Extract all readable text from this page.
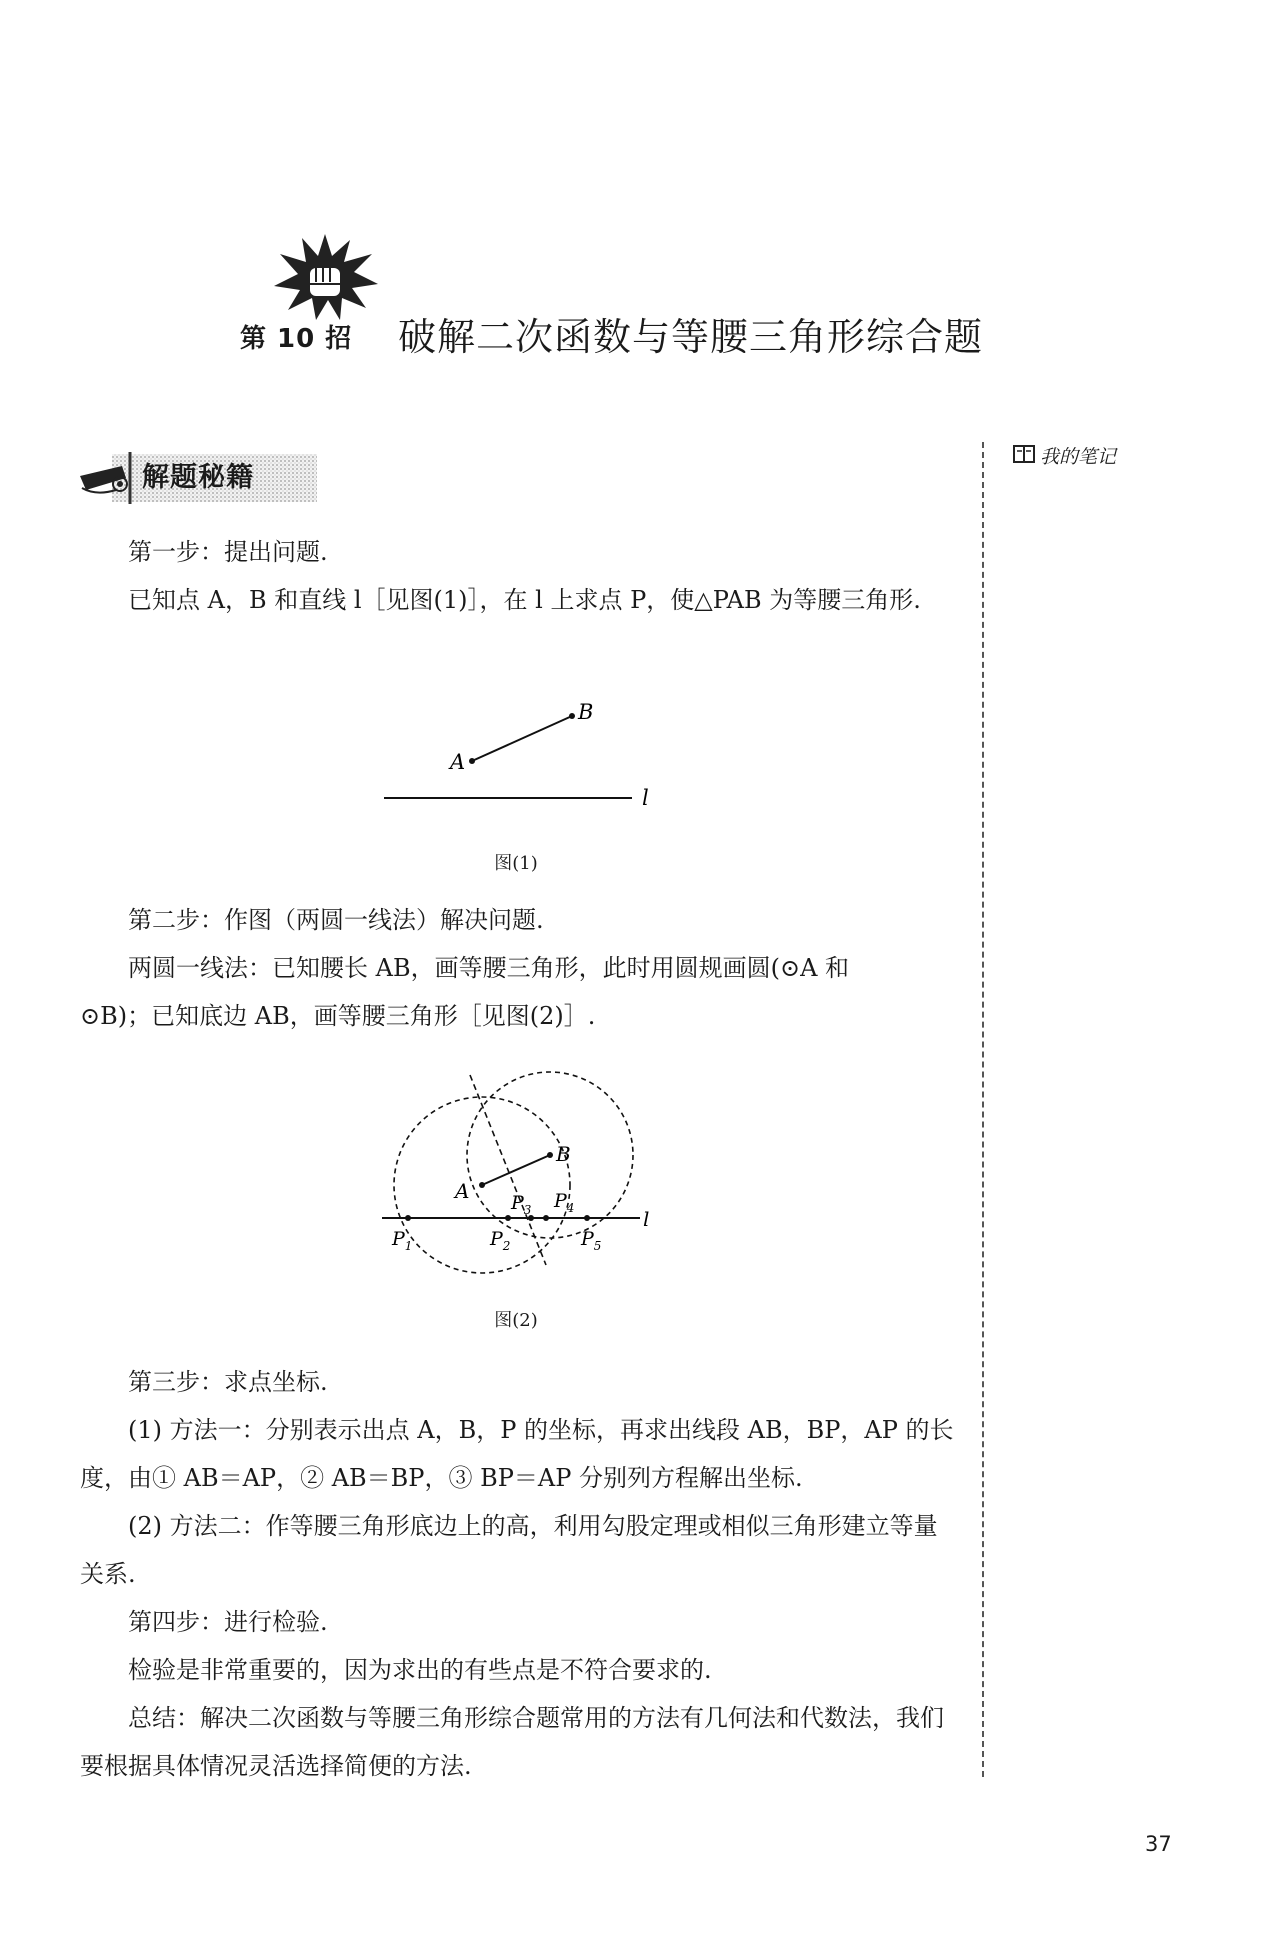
第 10 招 破解二次函数与等腰三角形综合题
解题秘籍
我的笔记

第一步：提出问题.

已知点 A，B 和直线 l［见图(1)］，在 l 上求点 P，使△PAB 为等腰三角形.

A
B
l
图(1)

第二步：作图（两圆一线法）解决问题.

两圆一线法：已知腰长 AB，画等腰三角形，此时用圆规画圆(⊙A 和

⊙B)；已知底边 AB，画等腰三角形［见图(2)］.

A
B
l
$P_1$	$P_2$
$P_3$ $P_4$
$P_5$
图(2)

第三步：求点坐标.

(1) 方法一：分别表示出点 A，B，P 的坐标，再求出线段 AB，BP，AP 的长度，由① AB＝AP，② AB＝BP，③ BP＝AP 分别列方程解出坐标.

(2) 方法二：作等腰三角形底边上的高，利用勾股定理或相似三角形建立等量关系.

第四步：进行检验.

检验是非常重要的，因为求出的有些点是不符合要求的.

总结：解决二次函数与等腰三角形综合题常用的方法有几何法和代数法，我们要根据具体情况灵活选择简便的方法.

37
